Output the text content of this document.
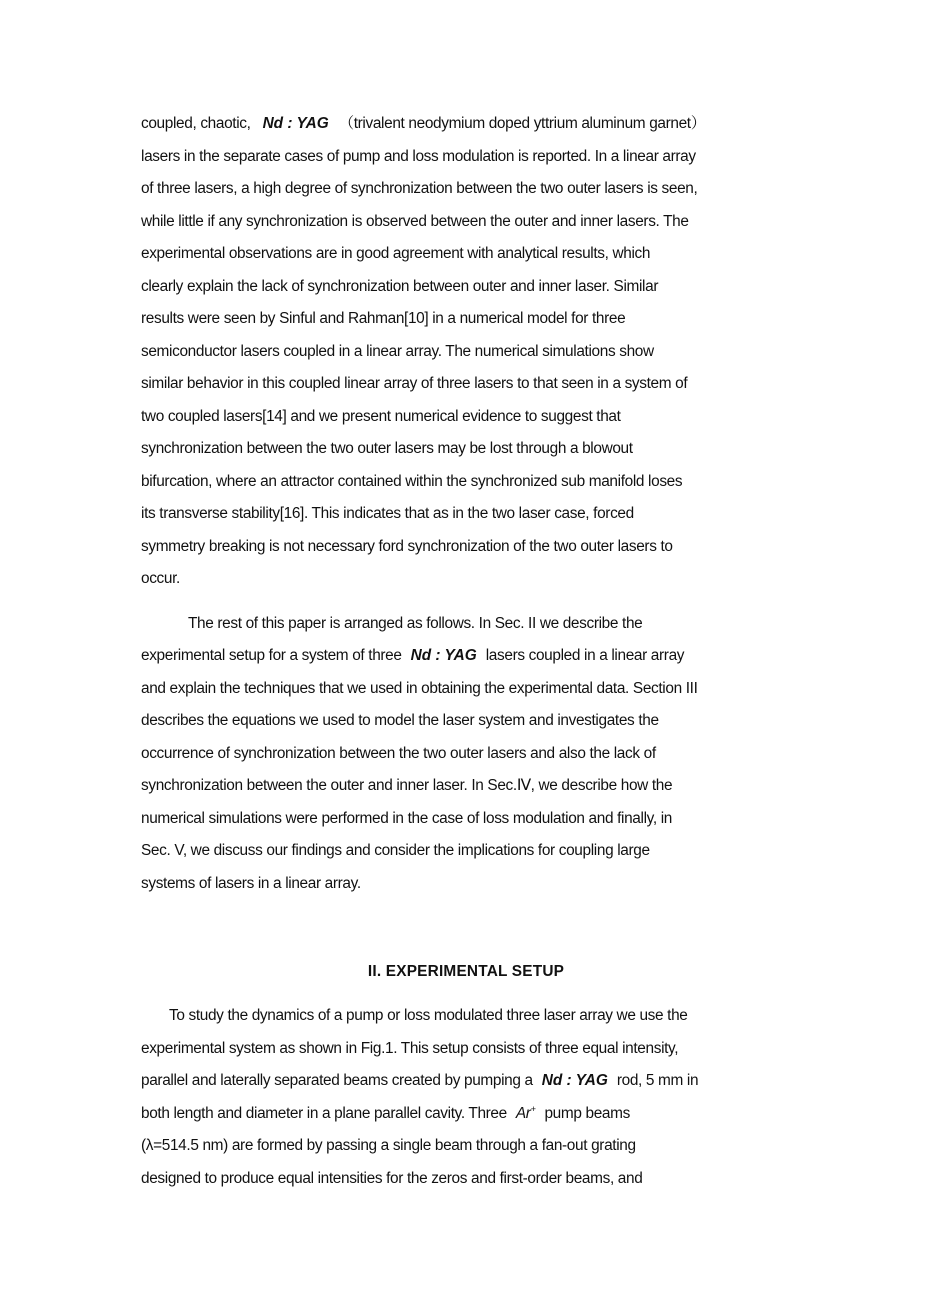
coupled, chaotic, Nd : YAG （trivalent neodymium doped yttrium aluminum garnet）
lasers in the separate cases of pump and loss modulation is reported. In a linear array
of three lasers, a high degree of synchronization between the two outer lasers is seen,
while little if any synchronization is observed between the outer and inner lasers. The
experimental observations are in good agreement with analytical results, which
clearly explain the lack of synchronization between outer and inner laser. Similar
results were seen by Sinful and Rahman[10] in a numerical model for three
semiconductor lasers coupled in a linear array. The numerical simulations show
similar behavior in this coupled linear array of three lasers to that seen in a system of
two coupled lasers[14] and we present numerical evidence to suggest that
synchronization between the two outer lasers may be lost through a blowout
bifurcation, where an attractor contained within the synchronized sub manifold loses
its transverse stability[16]. This indicates that as in the two laser case, forced
symmetry breaking is not necessary ford synchronization of the two outer lasers to
occur.
The rest of this paper is arranged as follows. In Sec. II we describe the
experimental setup for a system of three Nd : YAG lasers coupled in a linear array
and explain the techniques that we used in obtaining the experimental data. Section III
describes the equations we used to model the laser system and investigates the
occurrence of synchronization between the two outer lasers and also the lack of
synchronization between the outer and inner laser. In Sec.Ⅳ, we describe how the
numerical simulations were performed in the case of loss modulation and finally, in
Sec. V, we discuss our findings and consider the implications for coupling large
systems of lasers in a linear array.
II. EXPERIMENTAL SETUP
To study the dynamics of a pump or loss modulated three laser array we use the
experimental system as shown in Fig.1. This setup consists of three equal intensity,
parallel and laterally separated beams created by pumping a Nd : YAG rod, 5 mm in
both length and diameter in a plane parallel cavity. Three Ar+ pump beams
(λ=514.5 nm) are formed by passing a single beam through a fan-out grating
designed to produce equal intensities for the zeros and first-order beams, and
